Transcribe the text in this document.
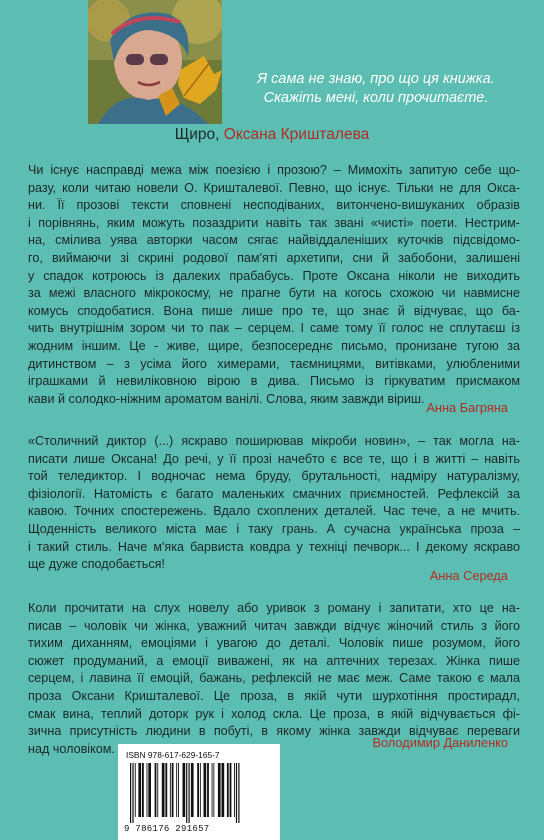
Я сама не знаю, про що ця книжка.
Скажіть мені, коли прочитаєте.
Щиро, Оксана Кришталева
Чи існує насправді межа між поезією і прозою? – Мимохіть запитую себе що-
разу, коли читаю новели О. Кришталевої. Певно, що існує. Тільки не для Окса-
ни. Її прозові тексти сповнені несподіваних, витончено-вишуканих образів
і порівнянь, яким можуть позаздрити навіть так звані «чисті» поети. Нестрим-
на, смілива уява авторки часом сягає найвіддаленіших куточків підсвідомо-
го, виймаючи зі скрині родової пам'яті архетипи, сни й забобони, залишені
у спадок котроюсь із далеких прабабусь. Проте Оксана ніколи не виходить
за межі власного мікрокосму, не прагне бути на когось схожою чи навмисне
комусь сподобатися. Вона пише лише про те, що знає й відчуває, що ба-
чить внутрішнім зором чи то пак – серцем. І саме тому її голос не сплутаєш із
жодним іншим. Це - живе, щире, безпосереднє письмо, пронизане тугою за
дитинством – з усіма його химерами, таємницями, витівками, улюбленими
іграшками й невиліковною вірою в дива. Письмо із гіркуватим присмаком
кави й солодко-ніжним ароматом ванілі. Слова, яким завжди віриш.
Анна Багряна
«Столичний диктор (...) яскраво поширював мікроби новин», – так могла на-
писати лише Оксана! До речі, у її прозі начебто є все те, що і в житті – навіть
той теледиктор. І водночас нема бруду, брутальності, надміру натуралізму,
фізіології. Натомість є багато маленьких смачних приємностей. Рефлексій за
кавою. Точних спостережень. Вдало схоплених деталей. Час тече, а не мчить.
Щоденність великого міста має і таку грань. А сучасна українська проза –
і такий стиль. Наче м'яка барвиста ковдра у техніці печворк... І декому яскраво
ще дуже сподобається!
Анна Середа
Коли прочитати на слух новелу або уривок з роману і запитати, хто це на-
писав – чоловік чи жінка, уважний читач завжди відчує жіночий стиль з його
тихим диханням, емоціями і увагою до деталі. Чоловік пише розумом, його
сюжет продуманий, а емоції виважені, як на аптечних терезах. Жінка пише
серцем, і лавина її емоцій, бажань, рефлексій не має меж. Саме такою є мала
проза Оксани Кришталевої. Це проза, в якій чути шурхотіння простирадл,
смак вина, теплий доторк рук і холод скла. Це проза, в якій відчувається фі-
зична присутність людини в побуті, в якому жінка завжди відчуває переваги
над чоловіком.	Володимир Даниленко
ISBN 978-617-629-165-7
9 786176 291657
